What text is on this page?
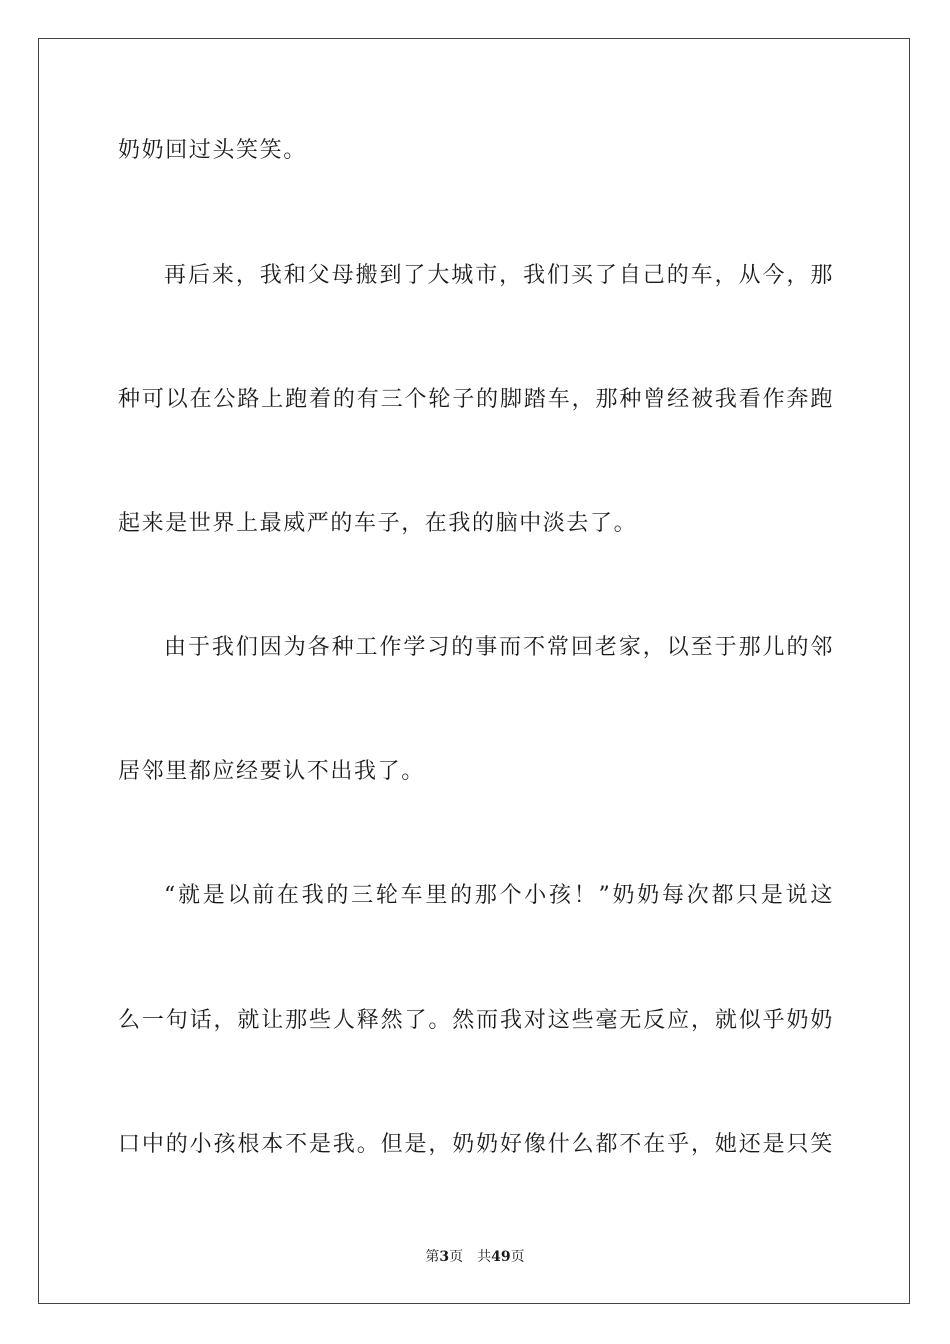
奶奶回过头笑笑。
再后来，我和父母搬到了大城市，我们买了自己的车，从今，那
种可以在公路上跑着的有三个轮子的脚踏车，那种曾经被我看作奔跑
起来是世界上最威严的车子，在我的脑中淡去了。
由于我们因为各种工作学习的事而不常回老家，以至于那儿的邻
居邻里都应经要认不出我了。
“就是以前在我的三轮车里的那个小孩！”奶奶每次都只是说这
么一句话，就让那些人释然了。然而我对这些毫无反应，就似乎奶奶
口中的小孩根本不是我。但是，奶奶好像什么都不在乎，她还是只笑
第3页 共49页
